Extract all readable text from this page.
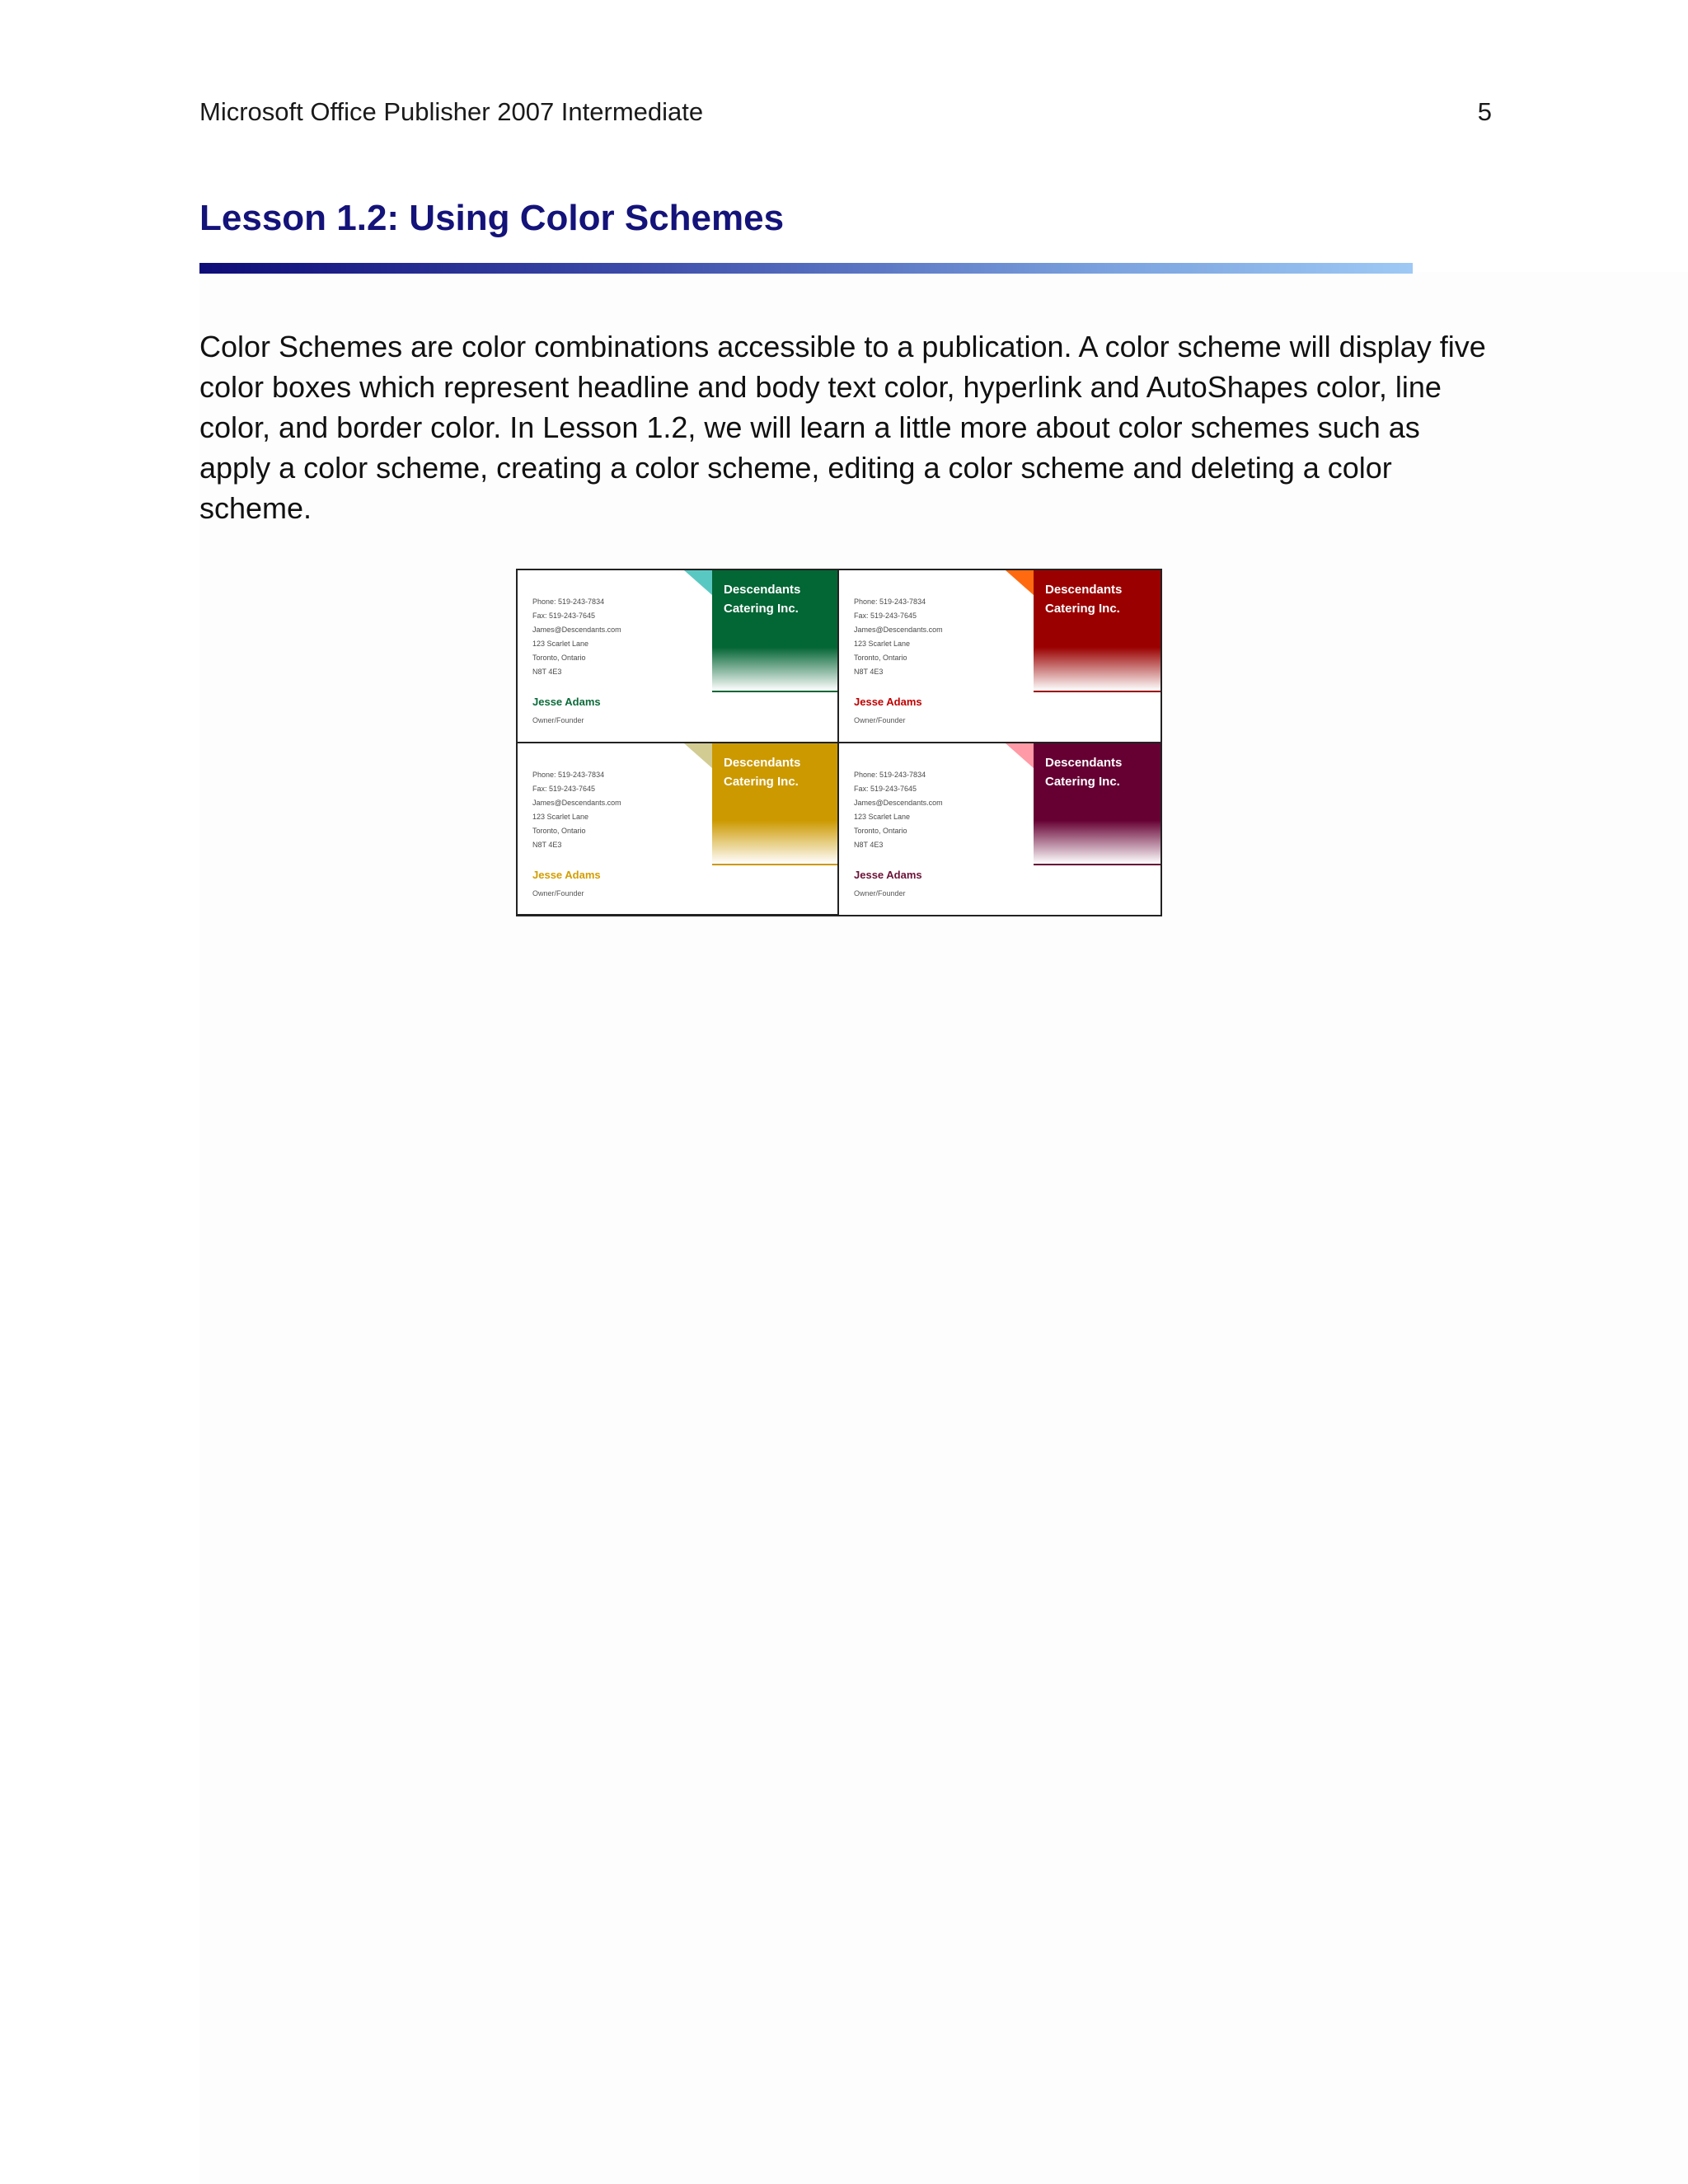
Microsoft Office Publisher 2007 Intermediate	5
Lesson 1.2: Using Color Schemes

Color Schemes are color combinations accessible to a publication. A color scheme will display five color boxes which represent headline and body text color, hyperlink and AutoShapes color, line color, and border color. In Lesson 1.2, we will learn a little more about color schemes such as apply a color scheme, creating a color scheme, editing a color scheme and deleting a color scheme.

Descendants
Catering Inc.
Phone: 519-243-7834
Fax: 519-243-7645
James@Descendants.com
123 Scarlet Lane
Toronto, Ontario
N8T 4E3
Jesse Adams
Owner/Founder
Descendants
Catering Inc.
Phone: 519-243-7834
Fax: 519-243-7645
James@Descendants.com
123 Scarlet Lane
Toronto, Ontario
N8T 4E3
Jesse Adams
Owner/Founder
Descendants
Catering Inc.
Phone: 519-243-7834
Fax: 519-243-7645
James@Descendants.com
123 Scarlet Lane
Toronto, Ontario
N8T 4E3
Jesse Adams
Owner/Founder
Descendants
Catering Inc.
Phone: 519-243-7834
Fax: 519-243-7645
James@Descendants.com
123 Scarlet Lane
Toronto, Ontario
N8T 4E3
Jesse Adams
Owner/Founder
